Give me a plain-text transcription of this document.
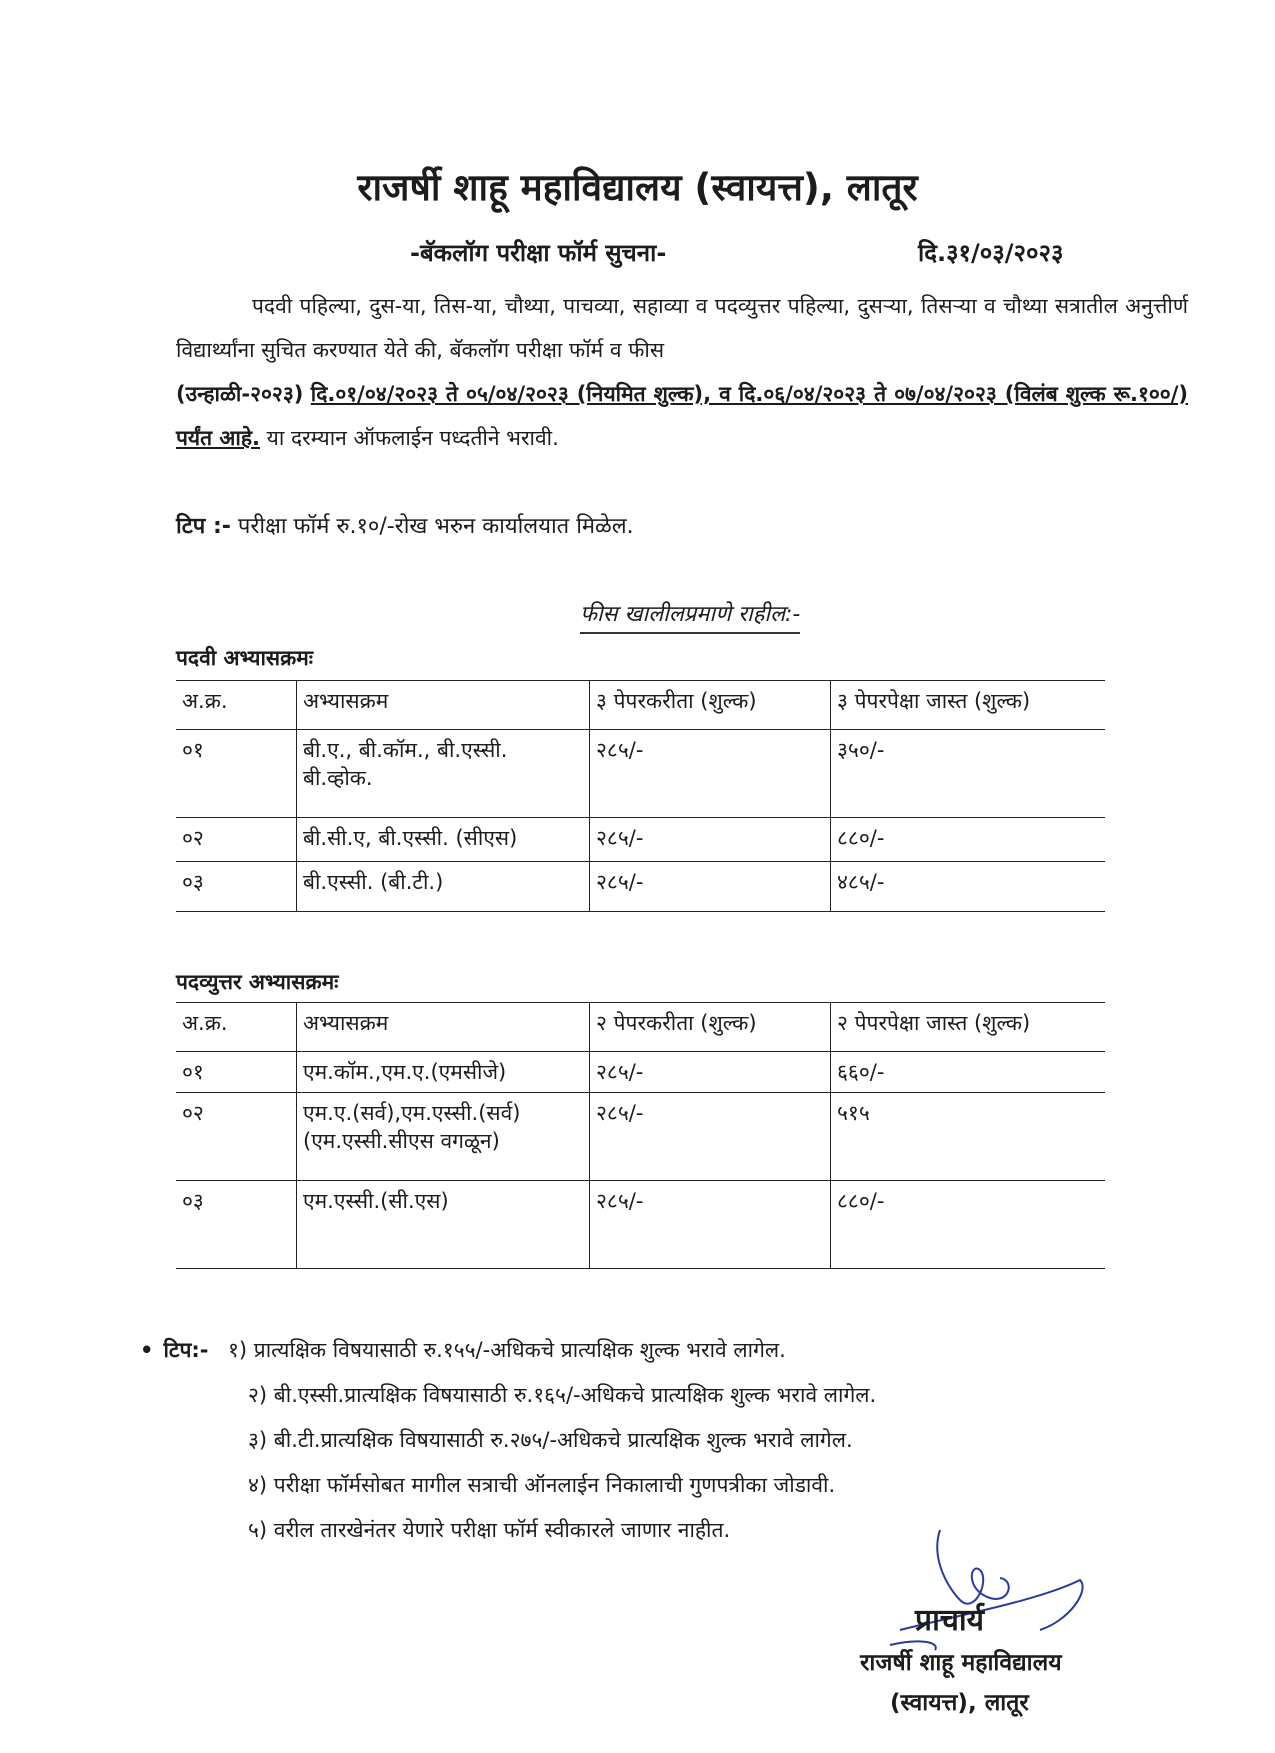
राजर्षी शाहू महाविद्यालय (स्वायत्त), लातूर
-बॅकलॉग परीक्षा फॉर्म सुचना-	दि.३१/०३/२०२३
पदवी पहिल्या, दुस-या, तिस-या, चौथ्या, पाचव्या, सहाव्या व पदव्युत्तर पहिल्या, दुसऱ्या, तिसऱ्या व चौथ्या सत्रातील अनुत्तीर्ण विद्यार्थ्यांना सुचित करण्यात येते की, बॅकलॉग परीक्षा फॉर्म व फीस
(उन्हाळी-२०२३) दि.०१/०४/२०२३ ते ०५/०४/२०२३ (नियमित शुल्क), व दि.०६/०४/२०२३ ते ०७/०४/२०२३ (विलंब शुल्क रू.१००/) पर्यंत आहे. या दरम्यान ऑफलाईन पध्दतीने भरावी.
टिप :- परीक्षा फॉर्म रु.१०/-रोख भरुन कार्यालयात मिळेल.
फीस खालीलप्रमाणे राहील:-
पदवी अभ्यासक्रमः
अ.क्र.	अभ्यासक्रम	३ पेपरकरीता (शुल्क)	३ पेपरपेक्षा जास्त (शुल्क)
०१	बी.ए., बी.कॉम., बी.एस्सी. बी.व्होक.	२८५/-	३५०/-
०२	बी.सी.ए, बी.एस्सी. (सीएस)	२८५/-	८८०/-
०३	बी.एस्सी. (बी.टी.)	२८५/-	४८५/-
पदव्युत्तर अभ्यासक्रमः
अ.क्र.	अभ्यासक्रम	२ पेपरकरीता (शुल्क)	२ पेपरपेक्षा जास्त (शुल्क)
०१	एम.कॉम.,एम.ए.(एमसीजे)	२८५/-	६६०/-
०२	एम.ए.(सर्व),एम.एस्सी.(सर्व) (एम.एस्सी.सीएस वगळून)	२८५/-	५१५
०३	एम.एस्सी.(सी.एस)	२८५/-	८८०/-
• टिप:- १) प्रात्यक्षिक विषयासाठी रु.१५५/-अधिकचे प्रात्यक्षिक शुल्क भरावे लागेल.
२) बी.एस्सी.प्रात्यक्षिक विषयासाठी रु.१६५/-अधिकचे प्रात्यक्षिक शुल्क भरावे लागेल.
३) बी.टी.प्रात्यक्षिक विषयासाठी रु.२७५/-अधिकचे प्रात्यक्षिक शुल्क भरावे लागेल.
४) परीक्षा फॉर्मसोबत मागील सत्राची ऑनलाईन निकालाची गुणपत्रीका जोडावी.
५) वरील तारखेनंतर येणारे परीक्षा फॉर्म स्वीकारले जाणार नाहीत.
प्राचार्य
राजर्षी शाहू महाविद्यालय
(स्वायत्त), लातूर
